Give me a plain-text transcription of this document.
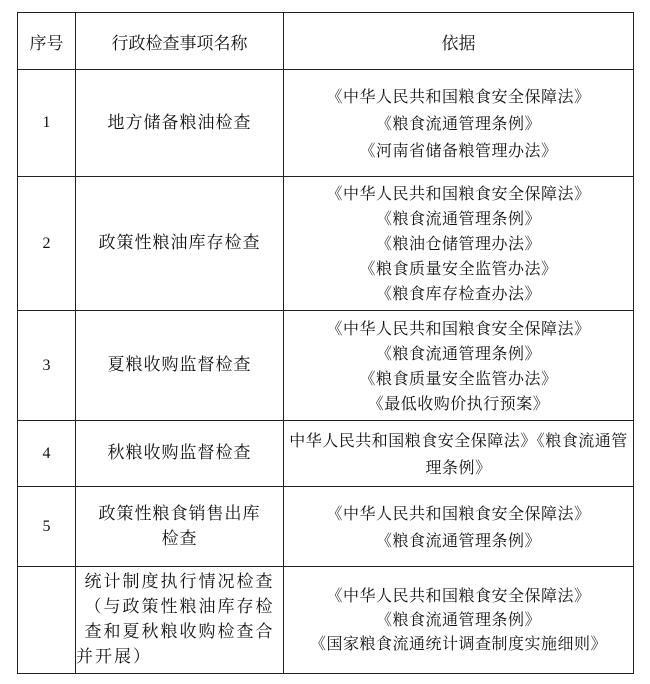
序号	行政检查事项名称	依据
1	地方储备粮油检查	《中华人民共和国粮食安全保障法》
《粮食流通管理条例》
《河南省储备粮管理办法》

2	政策性粮油库存检查	《中华人民共和国粮食安全保障法》
《粮食流通管理条例》
《粮油仓储管理办法》
《粮食质量安全监管办法》
《粮食库存检查办法》

3	夏粮收购监督检查	《中华人民共和国粮食安全保障法》
《粮食流通管理条例》
《粮食质量安全监管办法》
《最低收购价执行预案》

4	秋粮收购监督检查	中华人民共和国粮食安全保障法》《粮食流通管理条例》

5	政策性粮食销售出库检查	《中华人民共和国粮食安全保障法》
《粮食流通管理条例》

	统计制度执行情况检查（与政策性粮油库存检查和夏秋粮收购检查合并开展）	《中华人民共和国粮食安全保障法》
《粮食流通管理条例》
《国家粮食流通统计调查制度实施细则》
